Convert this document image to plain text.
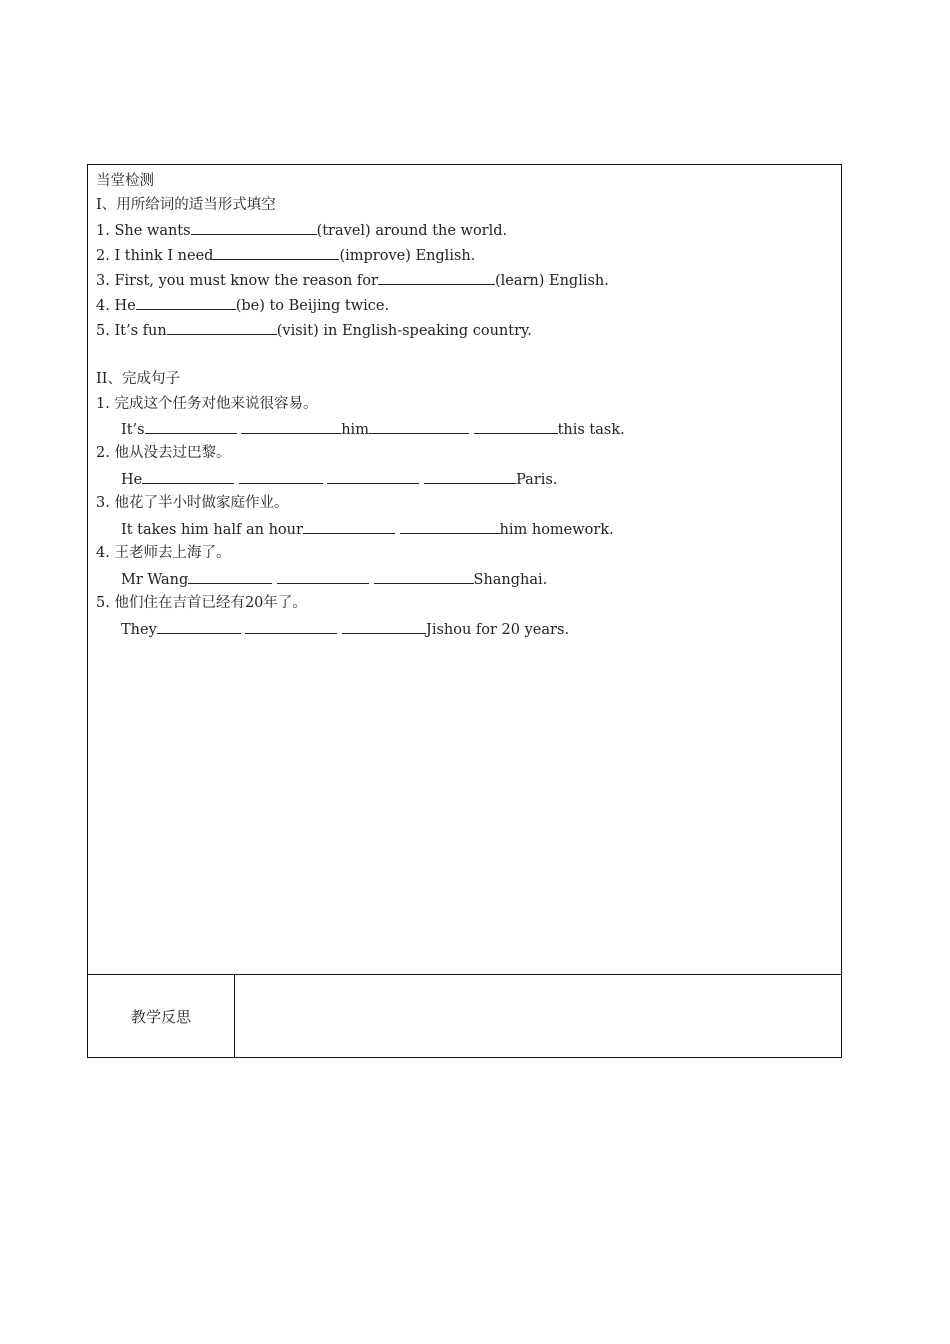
当堂检测
I、用所给词的适当形式填空
1. She wants	(travel) around the world.
2. I think I need	(improve) English.
3. First, you must know the reason for	(learn) English.
4. He	(be) to Beijing twice.
5. It’s fun	(visit) in English-speaking country.
II、完成句子
1. 完成这个任务对他来说很容易。
It’s	him	this task.
2. 他从没去过巴黎。
He	Paris.
3. 他花了半小时做家庭作业。
It takes him half an hour	him homework.
4. 王老师去上海了。
Mr Wang	Shanghai.
5. 他们住在吉首已经有20年了。
They	Jishou for 20 years.
教学反思
